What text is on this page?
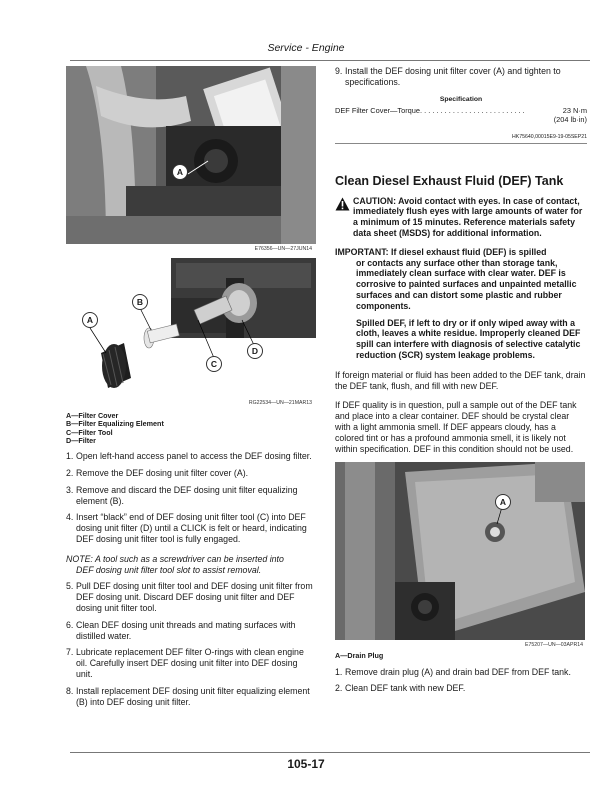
Service - Engine
A
E76356—UN—27JUN14
A
B
C
D
RG22534—UN—21MAR13
A—Filter Cover
B—Filter Equalizing Element
C—Filter Tool
D—Filter
1. Open left-hand access panel to access the DEF dosing filter.
2. Remove the DEF dosing unit filter cover (A).
3. Remove and discard the DEF dosing unit filter equalizing element (B).
4. Insert “black” end of DEF dosing unit filter tool (C) into DEF dosing unit filter (D) until a CLICK is felt or heard, indicating DEF dosing unit filter tool is fully engaged.
NOTE: A tool such as a screwdriver can be inserted into
DEF dosing unit filter tool slot to assist removal.
5. Pull DEF dosing unit filter tool and DEF dosing unit filter from DEF dosing unit. Discard DEF dosing unit filter and DEF dosing unit filter tool.
6. Clean DEF dosing unit threads and mating surfaces with distilled water.
7. Lubricate replacement DEF filter O-rings with clean engine oil. Carefully insert DEF dosing unit filter into DEF dosing unit.
8. Install replacement DEF dosing unit filter equalizing element (B) into DEF dosing unit filter.
9. Install the DEF dosing unit filter cover (A) and tighten to specifications.
Specification
DEF Filter Cover—Torque. . . . . . . . . . . . . . . . . . . . . . . . . .	23 N·m
(204 lb·in)
HK75640,00015E9-19-05SEP21
Clean Diesel Exhaust Fluid (DEF) Tank
CAUTION: Avoid contact with eyes. In case of contact, immediately flush eyes with large amounts of water for a minimum of 15 minutes. Reference materials safety data sheet (MSDS) for additional information.
IMPORTANT: If diesel exhaust fluid (DEF) is spilled
or contacts any surface other than storage tank, immediately clean surface with clear water. DEF is corrosive to painted surfaces and unpainted metallic surfaces and can distort some plastic and rubber components.
Spilled DEF, if left to dry or if only wiped away with a cloth, leaves a white residue. Improperly cleaned DEF spill can interfere with diagnosis of selective catalytic reduction (SCR) system leakage problems.
If foreign material or fluid has been added to the DEF tank, drain the DEF tank, flush, and fill with new DEF.
If DEF quality is in question, pull a sample out of the DEF tank and place into a clear container. DEF should be crystal clear with a light ammonia smell. If DEF appears cloudy, has a colored tint or has a profound ammonia smell, it is likely not within specification. DEF in this condition should not be used.
A
E75207—UN—03APR14
A—Drain Plug
1. Remove drain plug (A) and drain bad DEF from DEF tank.
2. Clean DEF tank with new DEF.
105-17
